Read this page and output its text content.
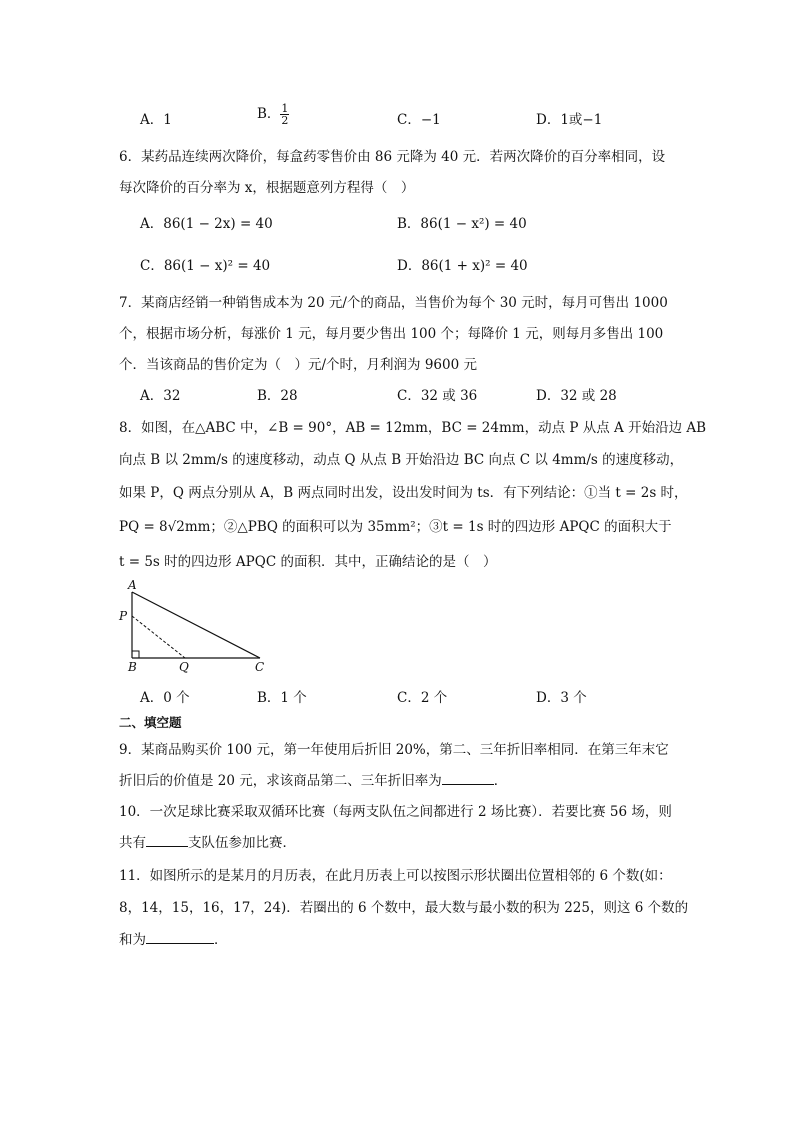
A．1	B． $\frac{1}{2}$	C．−1	D．1或−1
6．某药品连续两次降价，每盒药零售价由 86 元降为 40 元．若两次降价的百分率相同，设
每次降价的百分率为 x，根据题意列方程得（　）
A．86(1 − 2x) = 40	B．86(1 − x²) = 40
C．86(1 − x)² = 40	D．86(1 + x)² = 40
7．某商店经销一种销售成本为 20 元/个的商品，当售价为每个 30 元时，每月可售出 1000
个，根据市场分析，每涨价 1 元，每月要少售出 100 个；每降价 1 元，则每月多售出 100
个．当该商品的售价定为（　）元/个时，月利润为 9600 元
A．32	B．28	C．32 或 36	D．32 或 28
8．如图，在△ABC 中，∠B = 90°，AB = 12mm，BC = 24mm，动点 P 从点 A 开始沿边 AB
向点 B 以 2mm/s 的速度移动，动点 Q 从点 B 开始沿边 BC 向点 C 以 4mm/s 的速度移动，
如果 P，Q 两点分别从 A，B 两点同时出发，设出发时间为 ts．有下列结论：①当 t = 2s 时，
PQ = 8√2mm；②△PBQ 的面积可以为 35mm²；③t = 1s 时的四边形 APQC 的面积大于
t = 5s 时的四边形 APQC 的面积．其中，正确结论的是（　）
A
P
B	Q	C
A．0 个	B．1 个	C．2 个	D．3 个
二、填空题
9．某商品购买价 100 元，第一年使用后折旧 20%，第二、三年折旧率相同．在第三年末它
折旧后的价值是 20 元，求该商品第二、三年折旧率为	．
10．一次足球比赛采取双循环比赛（每两支队伍之间都进行 2 场比赛）．若要比赛 56 场，则
共有	支队伍参加比赛．
11．如图所示的是某月的月历表，在此月历表上可以按图示形状圈出位置相邻的 6 个数(如：
8，14，15，16，17，24)．若圈出的 6 个数中，最大数与最小数的积为 225，则这 6 个数的
和为	．
